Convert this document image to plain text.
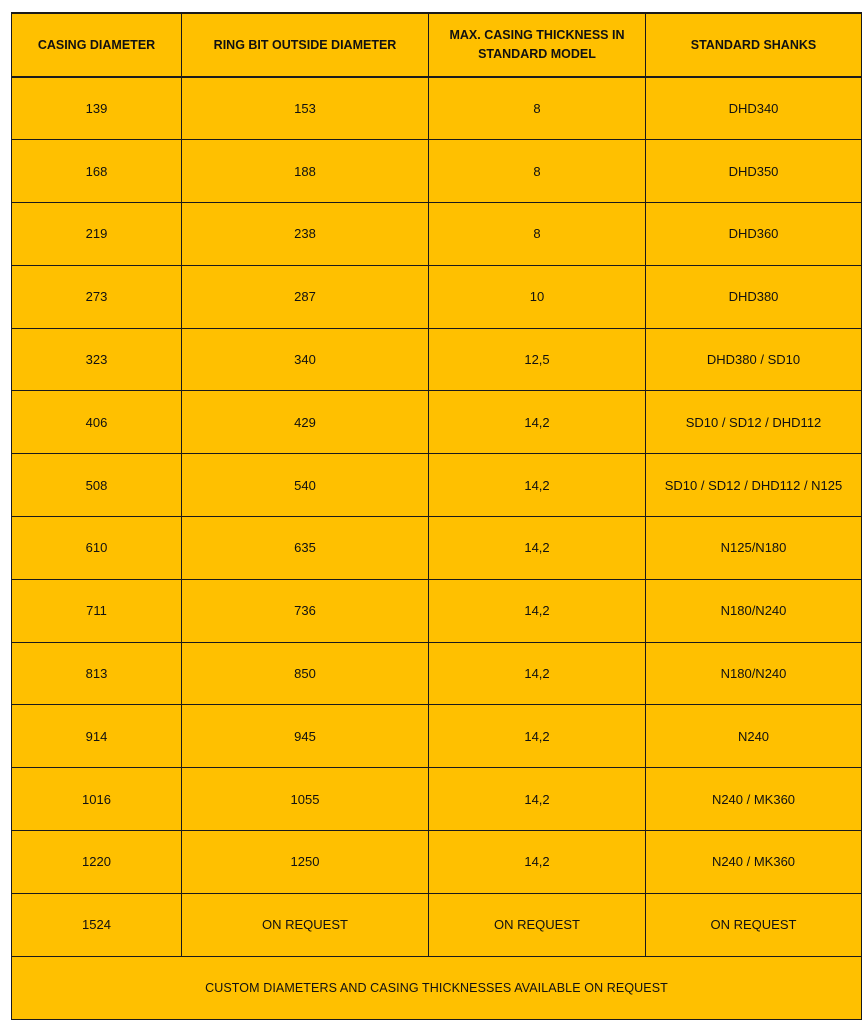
CASING DIAMETER	RING BIT OUTSIDE DIAMETER	MAX. CASING THICKNESS IN STANDARD MODEL	STANDARD SHANKS
139	153	8	DHD340
168	188	8	DHD350
219	238	8	DHD360
273	287	10	DHD380
323	340	12,5	DHD380 / SD10
406	429	14,2	SD10 / SD12 / DHD112
508	540	14,2	SD10 / SD12 / DHD112 / N125
610	635	14,2	N125/N180
711	736	14,2	N180/N240
813	850	14,2	N180/N240
914	945	14,2	N240
1016	1055	14,2	N240 / MK360
1220	1250	14,2	N240 / MK360
1524	ON REQUEST	ON REQUEST	ON REQUEST
CUSTOM DIAMETERS AND CASING THICKNESSES AVAILABLE ON REQUEST			
